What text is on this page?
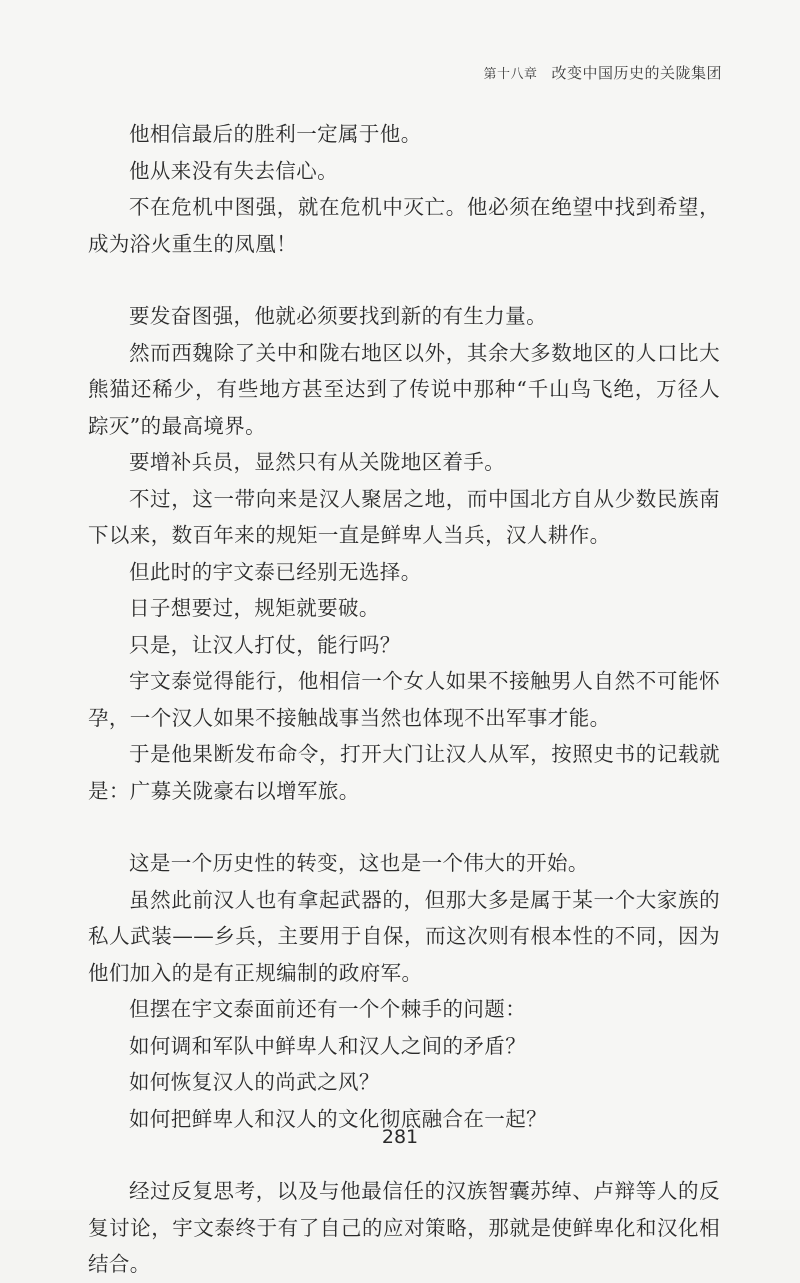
第十八章 改变中国历史的关陇集团

他相信最后的胜利一定属于他。

他从来没有失去信心。

不在危机中图强，就在危机中灭亡。他必须在绝望中找到希望，成为浴火重生的凤凰！

要发奋图强，他就必须要找到新的有生力量。

然而西魏除了关中和陇右地区以外，其余大多数地区的人口比大熊猫还稀少，有些地方甚至达到了传说中那种“千山鸟飞绝，万径人踪灭”的最高境界。

要增补兵员，显然只有从关陇地区着手。

不过，这一带向来是汉人聚居之地，而中国北方自从少数民族南下以来，数百年来的规矩一直是鲜卑人当兵，汉人耕作。

但此时的宇文泰已经别无选择。

日子想要过，规矩就要破。

只是，让汉人打仗，能行吗？

宇文泰觉得能行，他相信一个女人如果不接触男人自然不可能怀孕，一个汉人如果不接触战事当然也体现不出军事才能。

于是他果断发布命令，打开大门让汉人从军，按照史书的记载就是：广募关陇豪右以增军旅。

这是一个历史性的转变，这也是一个伟大的开始。

虽然此前汉人也有拿起武器的，但那大多是属于某一个大家族的私人武装——乡兵，主要用于自保，而这次则有根本性的不同，因为他们加入的是有正规编制的政府军。

但摆在宇文泰面前还有一个个棘手的问题：

如何调和军队中鲜卑人和汉人之间的矛盾？

如何恢复汉人的尚武之风？

如何把鲜卑人和汉人的文化彻底融合在一起？

经过反复思考，以及与他最信任的汉族智囊苏绰、卢辩等人的反复讨论，宇文泰终于有了自己的应对策略，那就是使鲜卑化和汉化相结合。

281
